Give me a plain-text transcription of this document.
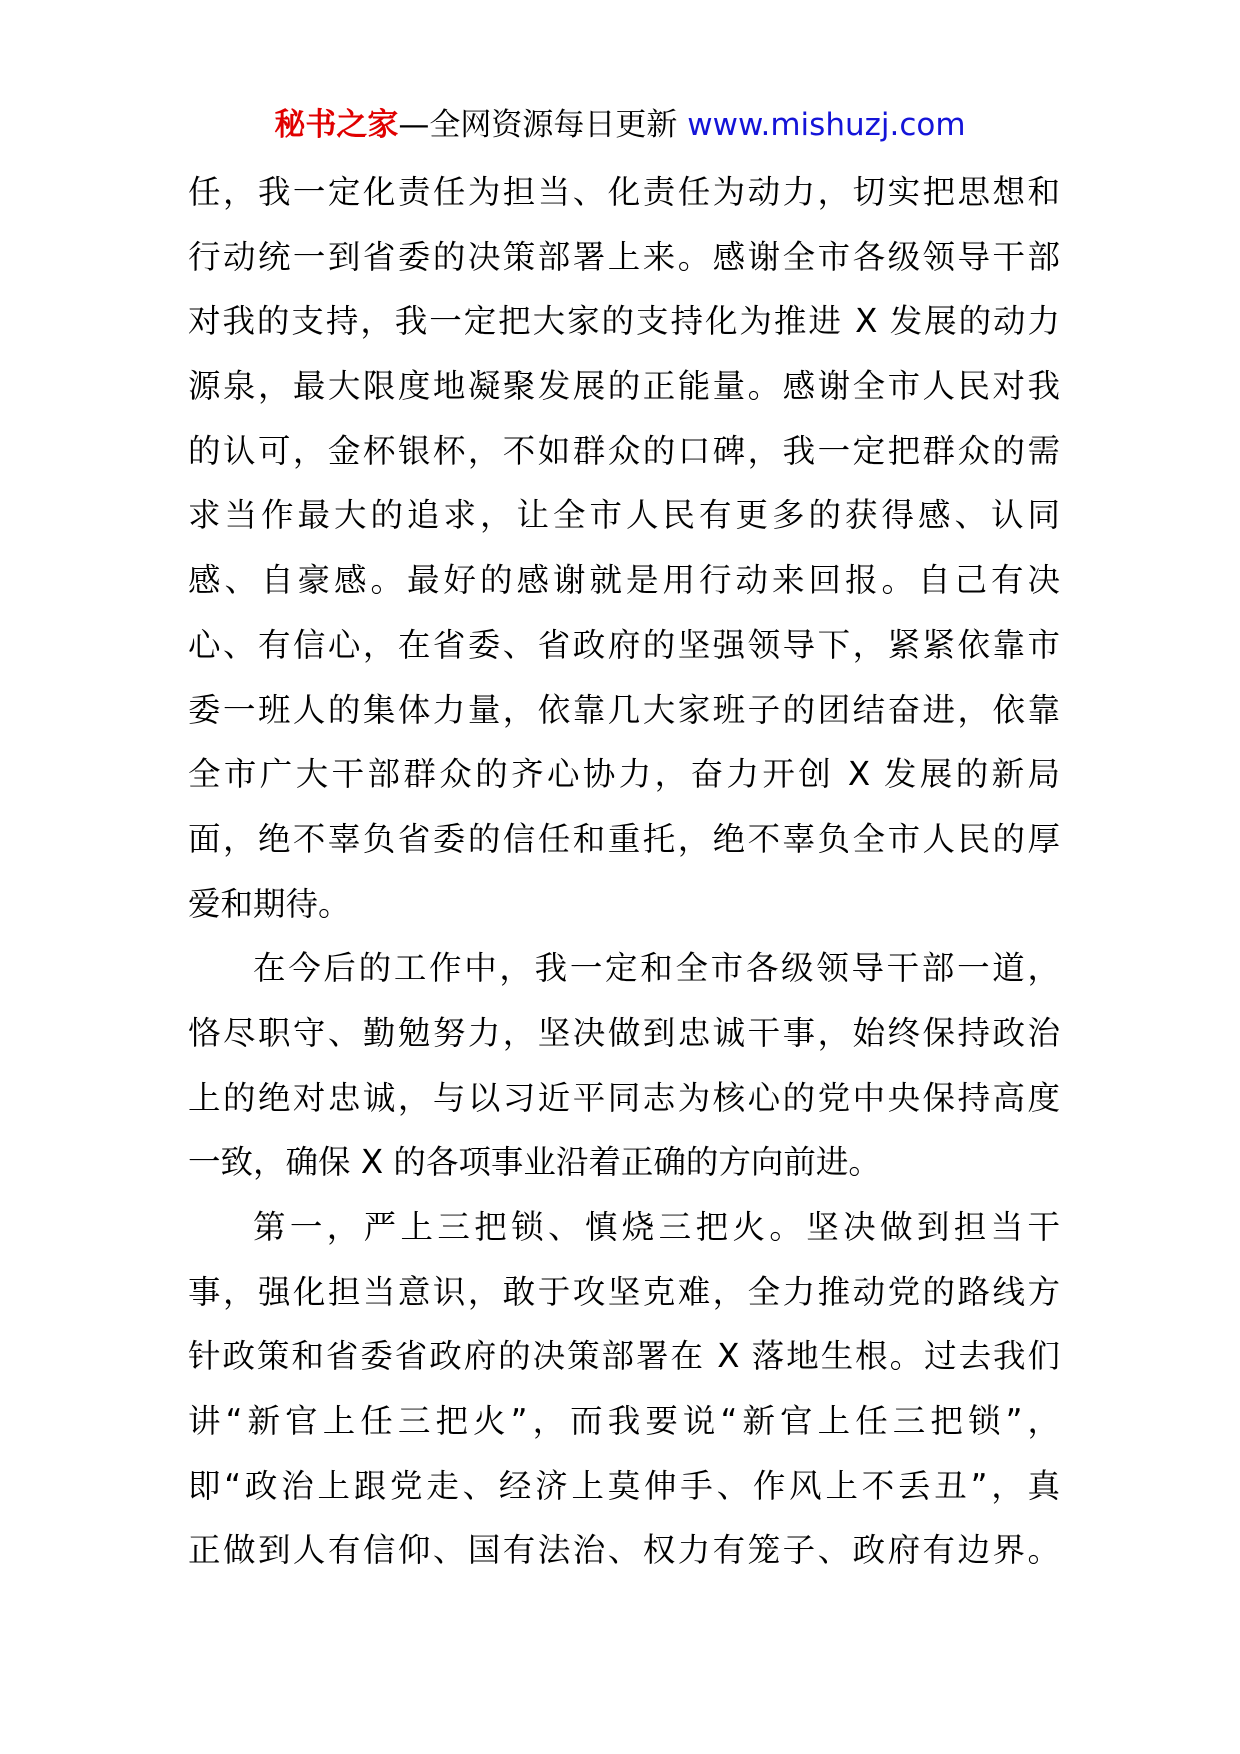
秘书之家—全网资源每日更新 www.mishuzj.com
任，我一定化责任为担当、化责任为动力，切实把思想和
行动统一到省委的决策部署上来。感谢全市各级领导干部
对我的支持，我一定把大家的支持化为推进 X 发展的动力
源泉，最大限度地凝聚发展的正能量。感谢全市人民对我
的认可，金杯银杯，不如群众的口碑，我一定把群众的需
求当作最大的追求，让全市人民有更多的获得感、认同
感、自豪感。最好的感谢就是用行动来回报。自己有决
心、有信心，在省委、省政府的坚强领导下，紧紧依靠市
委一班人的集体力量，依靠几大家班子的团结奋进，依靠
全市广大干部群众的齐心协力，奋力开创 X 发展的新局
面，绝不辜负省委的信任和重托，绝不辜负全市人民的厚
爱和期待。
在今后的工作中，我一定和全市各级领导干部一道，
恪尽职守、勤勉努力，坚决做到忠诚干事，始终保持政治
上的绝对忠诚，与以习近平同志为核心的党中央保持高度
一致，确保 X 的各项事业沿着正确的方向前进。
第一，严上三把锁、慎烧三把火。坚决做到担当干
事，强化担当意识，敢于攻坚克难，全力推动党的路线方
针政策和省委省政府的决策部署在 X 落地生根。过去我们
讲“新官上任三把火”，而我要说“新官上任三把锁”，
即“政治上跟党走、经济上莫伸手、作风上不丢丑”，真
正做到人有信仰、国有法治、权力有笼子、政府有边界。
